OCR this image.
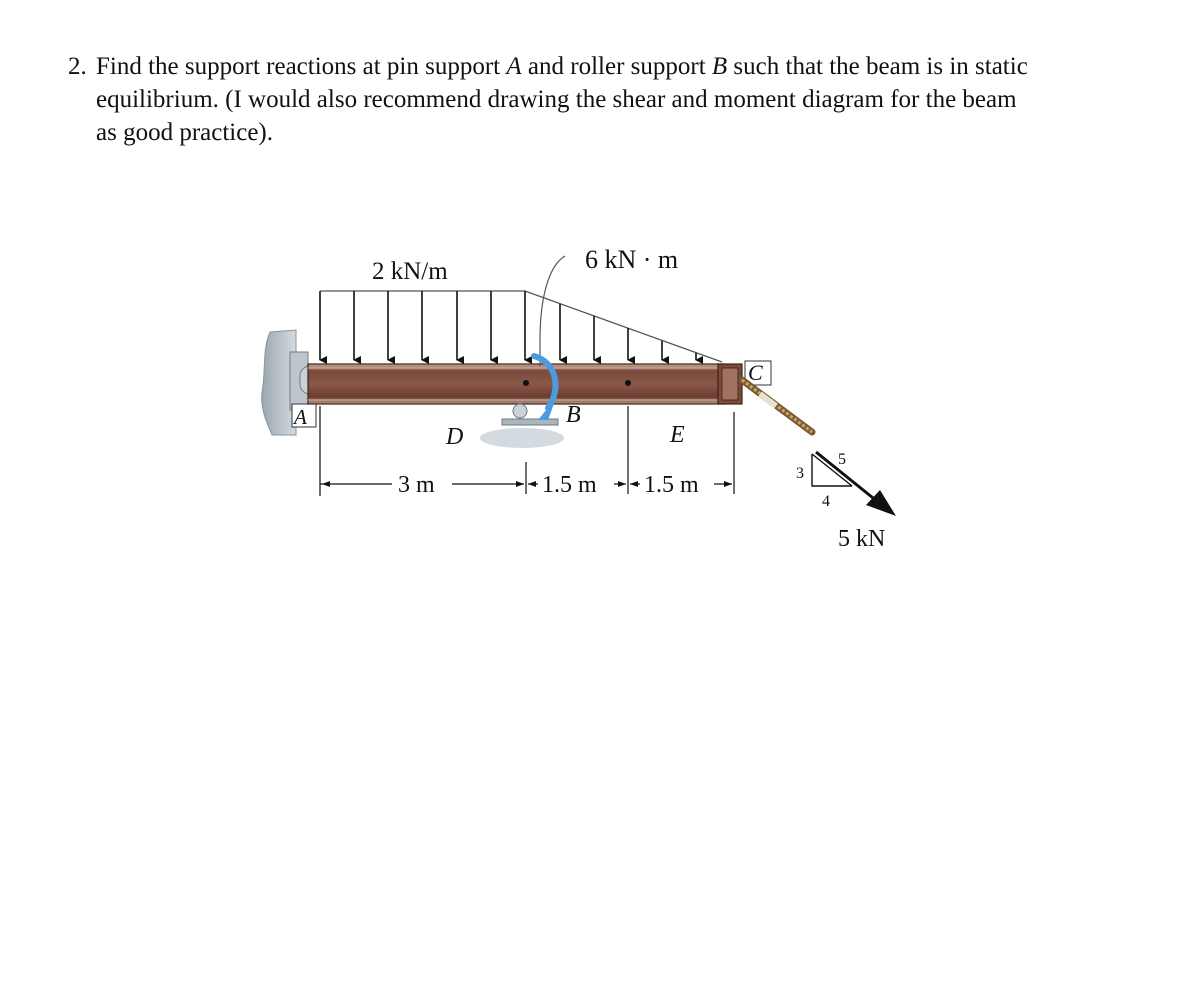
2. Find the support reactions at pin support A and roller support B such that the beam is in static
equilibrium. (I would also recommend drawing the shear and moment diagram for the beam
as good practice).
2 kN/m
A
C
B
6 kN · m
D	E
3 m	1.5 m 1.5 m
5 kN
3
4
5
